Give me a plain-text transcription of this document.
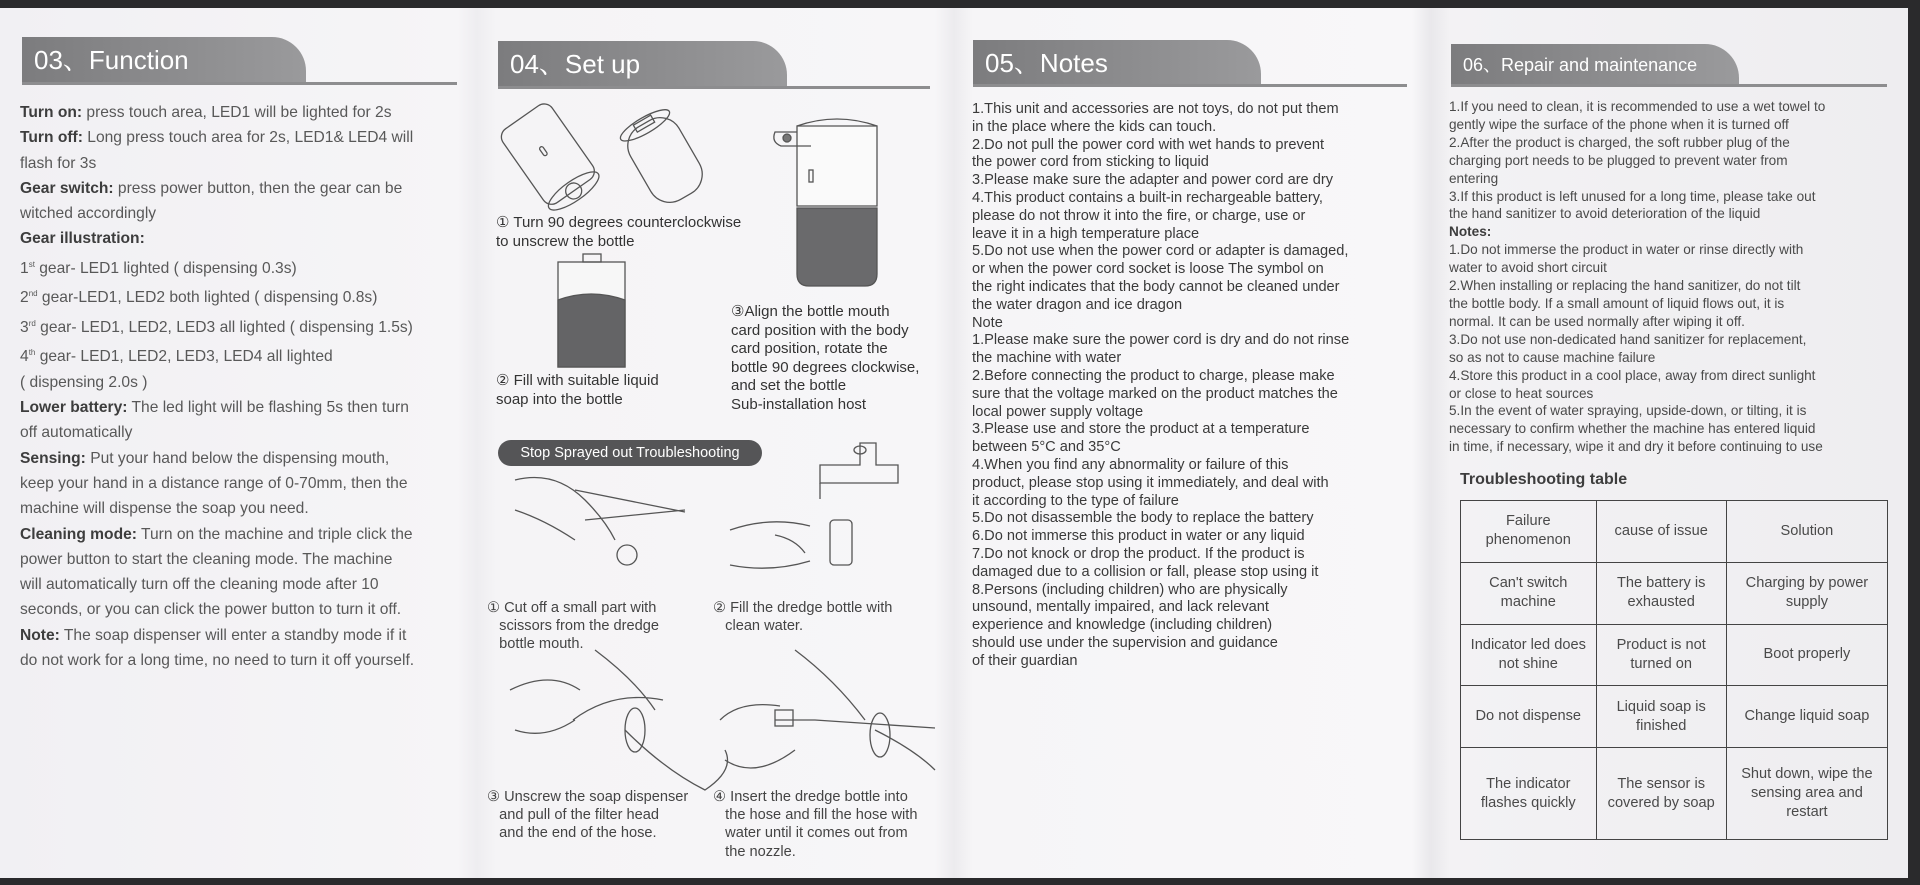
03、Function
Turn on: press touch area, LED1 will be lighted for 2s
Turn off: Long press touch area for 2s, LED1& LED4 will
flash for 3s
Gear switch: press power button, then the gear can be
witched accordingly
Gear illustration:
1st gear- LED1 lighted ( dispensing 0.3s)
2nd gear-LED1, LED2 both lighted ( dispensing 0.8s)
3rd gear- LED1, LED2, LED3 all lighted ( dispensing 1.5s)
4th gear- LED1, LED2, LED3, LED4 all lighted
( dispensing 2.0s )
Lower battery: The led light will be flashing 5s then turn
off automatically
Sensing: Put your hand below the dispensing mouth,
keep your hand in a distance range of 0-70mm, then the
machine will dispense the soap you need.
Cleaning mode: Turn on the machine and triple click the
power button to start the cleaning mode. The machine
will automatically turn off the cleaning mode after 10
seconds, or you can click the power button to turn it off.
Note: The soap dispenser will enter a standby mode if it
do not work for a long time, no need to turn it off yourself.
04、Set up
① Turn 90 degrees counterclockwise
to unscrew the bottle
② Fill with suitable liquid
soap into the bottle
③Align the bottle mouth
card position with the body
card position, rotate the
bottle 90 degrees clockwise,
and set the bottle
Sub-installation host
Stop Sprayed out Troubleshooting
① Cut off a small part with
scissors from the dredge
bottle mouth.
② Fill the dredge bottle with
clean water.
③ Unscrew the soap dispenser
and pull of the filter head
and the end of the hose.
④ Insert the dredge bottle into
the hose and fill the hose with
water until it comes out from
the nozzle.
05、Notes
1.This unit and accessories are not toys, do not put them
in the place where the kids can touch.
2.Do not pull the power cord with wet hands to prevent
the power cord from sticking to liquid
3.Please make sure the adapter and power cord are dry
4.This product contains a built-in rechargeable battery,
please do not throw it into the fire, or charge, use or
leave it in a high temperature place
5.Do not use when the power cord or adapter is damaged,
or when the power cord socket is loose The symbol on
the right indicates that the body cannot be cleaned under
the water dragon and ice dragon
Note
1.Please make sure the power cord is dry and do not rinse
the machine with water
2.Before connecting the product to charge, please make
sure that the voltage marked on the product matches the
local power supply voltage
3.Please use and store the product at a temperature
between 5°C and 35°C
4.When you find any abnormality or failure of this
product, please stop using it immediately, and deal with
it according to the type of failure
5.Do not disassemble the body to replace the battery
6.Do not immerse this product in water or any liquid
7.Do not knock or drop the product. If the product is
damaged due to a collision or fall, please stop using it
8.Persons (including children) who are physically
unsound, mentally impaired, and lack relevant
experience and knowledge (including children)
should use under the supervision and guidance
of their guardian
06、Repair and maintenance
1.If you need to clean, it is recommended to use a wet towel to
gently wipe the surface of the phone when it is turned off
2.After the product is charged, the soft rubber plug of the
charging port needs to be plugged to prevent water from
entering
3.If this product is left unused for a long time, please take out
the hand sanitizer to avoid deterioration of the liquid
Notes:
1.Do not immerse the product in water or rinse directly with
water to avoid short circuit
2.When installing or replacing the hand sanitizer, do not tilt
the bottle body. If a small amount of liquid flows out, it is
normal. It can be used normally after wiping it off.
3.Do not use non-dedicated hand sanitizer for replacement,
so as not to cause machine failure
4.Store this product in a cool place, away from direct sunlight
or close to heat sources
5.In the event of water spraying, upside-down, or tilting, it is
necessary to confirm whether the machine has entered liquid
in time, if necessary, wipe it and dry it before continuing to use
Troubleshooting table
Failure phenomenon	cause of issue	Solution
Can't switch machine	The battery is exhausted	Charging by power supply
Indicator led does not shine	Product is not turned on	Boot properly
Do not dispense	Liquid soap is finished	Change liquid soap
The indicator flashes quickly	The sensor is covered by soap	Shut down, wipe the sensing area and restart
